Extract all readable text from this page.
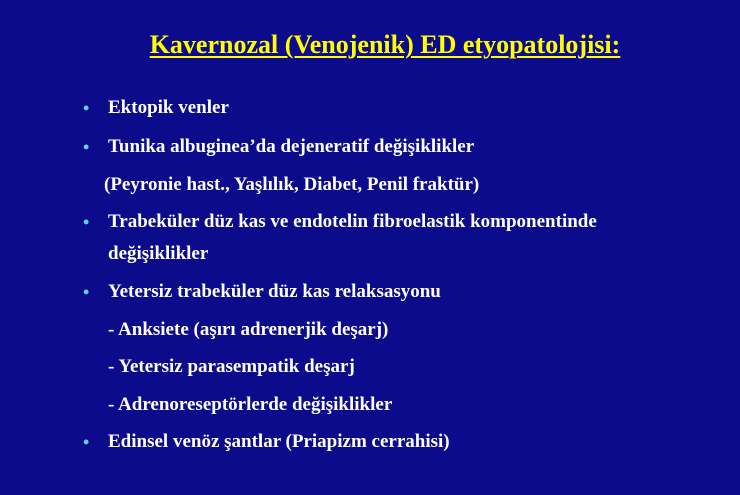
Kavernozal (Venojenik) ED etyopatolojisi:
• Ektopik venler
• Tunika albuginea’da dejeneratif değişiklikler
(Peyronie hast., Yaşlılık, Diabet, Penil fraktür)
• Trabeküler düz kas ve endotelin fibroelastik komponentinde
değişiklikler
• Yetersiz trabeküler düz kas relaksasyonu
- Anksiete (aşırı adrenerjik deşarj)
- Yetersiz parasempatik deşarj
- Adrenoreseptörlerde değişiklikler
• Edinsel venöz şantlar (Priapizm cerrahisi)
